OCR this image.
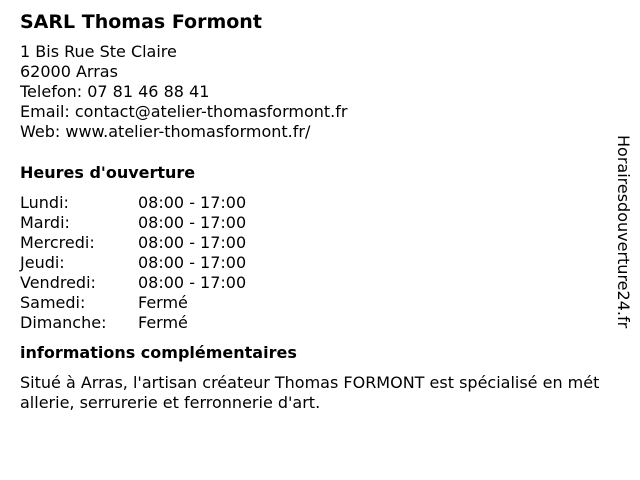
SARL Thomas Formont
1 Bis Rue Ste Claire
62000 Arras
Telefon: 07 81 46 88 41
Email: contact@atelier-thomasformont.fr
Web: www.atelier-thomasformont.fr/
Heures d'ouverture
Lundi:	08:00 - 17:00
Mardi:	08:00 - 17:00
Mercredi:	08:00 - 17:00
Jeudi:	08:00 - 17:00
Vendredi:	08:00 - 17:00
Samedi:	Fermé
Dimanche:	Fermé
informations complémentaires
Situé à Arras, l'artisan créateur Thomas FORMONT est spécialisé en métallerie, serrurerie et ferronnerie d'art.
Horairesdouverture24.fr
